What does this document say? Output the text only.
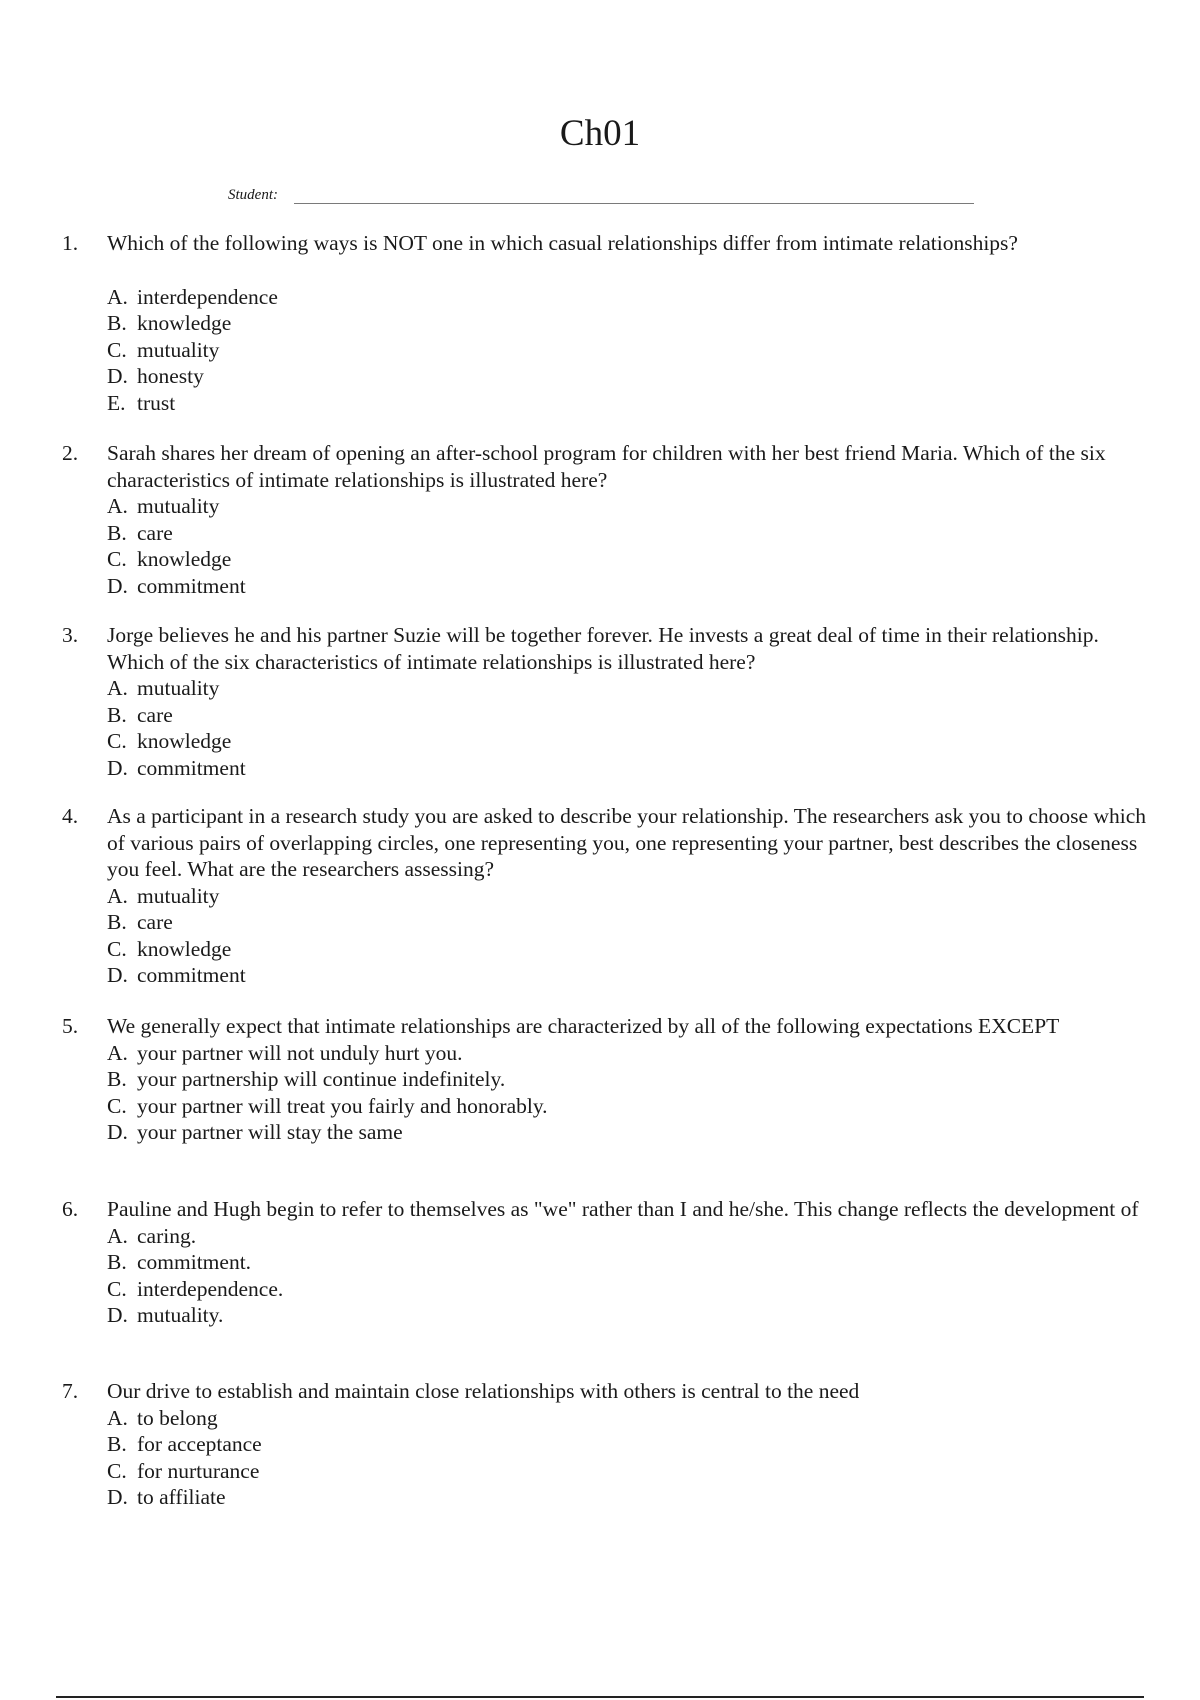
Ch01
Student:
1. Which of the following ways is NOT one in which casual relationships differ from intimate relationships?

A. interdependence
B. knowledge
C. mutuality
D. honesty
E. trust
2. Sarah shares her dream of opening an after-school program for children with her best friend Maria. Which of the six characteristics of intimate relationships is illustrated here?

A. mutuality
B. care
C. knowledge
D. commitment
3. Jorge believes he and his partner Suzie will be together forever. He invests a great deal of time in their relationship. Which of the six characteristics of intimate relationships is illustrated here?

A. mutuality
B. care
C. knowledge
D. commitment
4. As a participant in a research study you are asked to describe your relationship. The researchers ask you to choose which of various pairs of overlapping circles, one representing you, one representing your partner, best describes the closeness you feel. What are the researchers assessing?

A. mutuality
B. care
C. knowledge
D. commitment
5. We generally expect that intimate relationships are characterized by all of the following expectations EXCEPT

A. your partner will not unduly hurt you.
B. your partnership will continue indefinitely.
C. your partner will treat you fairly and honorably.
D. your partner will stay the same
6. Pauline and Hugh begin to refer to themselves as "we" rather than I and he/she. This change reflects the development of

A. caring.
B. commitment.
C. interdependence.
D. mutuality.
7. Our drive to establish and maintain close relationships with others is central to the need

A. to belong
B. for acceptance
C. for nurturance
D. to affiliate
